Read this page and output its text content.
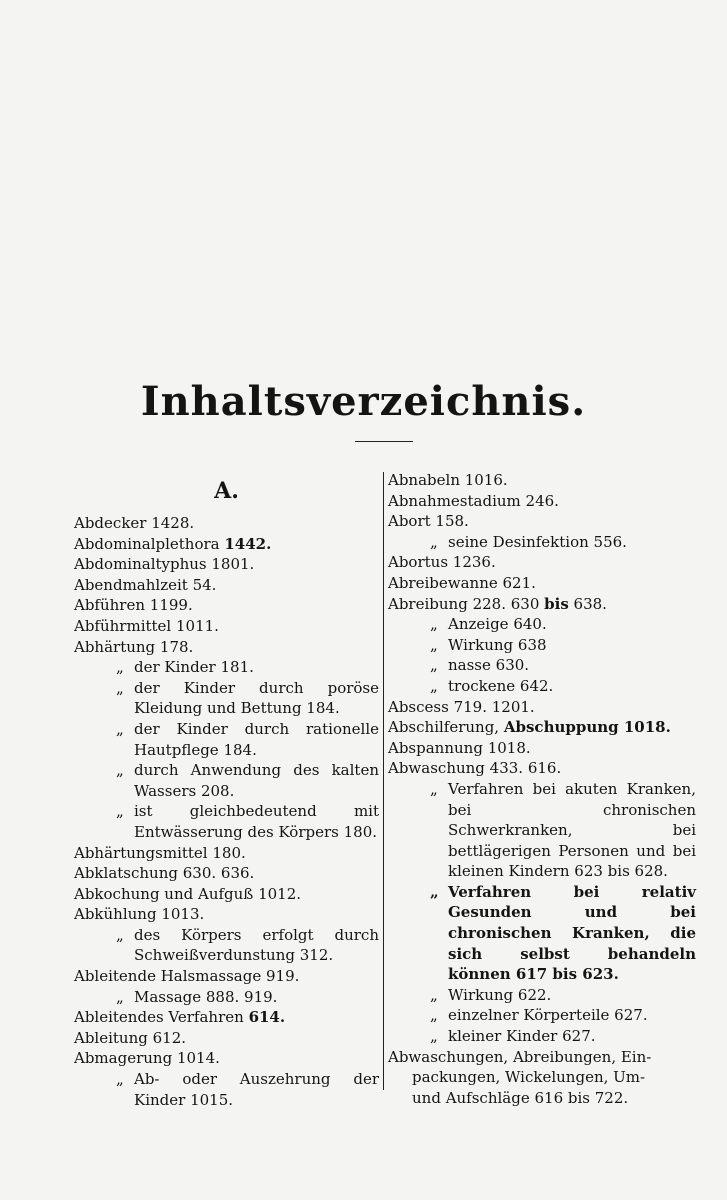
Inhaltsverzeichnis.
A.
Abdecker 1428.
Abdominalplethora 1442.
Abdominaltyphus 1801.
Abendmahlzeit 54.
Abführen 1199.
Abführmittel 1011.
Abhärtung 178.
„ der Kinder 181.
„ der Kinder durch poröse Kleidung und Bettung 184.
„ der Kinder durch rationelle Hautpflege 184.
„ durch Anwendung des kalten Wassers 208.
„ ist gleichbedeutend mit Entwässerung des Körpers 180.
Abhärtungsmittel 180.
Abklatschung 630. 636.
Abkochung und Aufguß 1012.
Abkühlung 1013.
„ des Körpers erfolgt durch Schweißverdunstung 312.
Ableitende Halsmassage 919.
„ Massage 888. 919.
Ableitendes Verfahren 614.
Ableitung 612.
Abmagerung 1014.
„ Ab- oder Auszehrung der Kinder 1015.
Abnabeln 1016.
Abnahmestadium 246.
Abort 158.
„ seine Desinfektion 556.
Abortus 1236.
Abreibewanne 621.
Abreibung 228. 630 bis 638.
„ Anzeige 640.
„ Wirkung 638
„ nasse 630.
„ trockene 642.
Abscess 719. 1201.
Abschilferung, Abschuppung 1018.
Abspannung 1018.
Abwaschung 433. 616.
„ Verfahren bei akuten Kranken, bei chronischen Schwerkranken, bei bettlägerigen Personen und bei kleinen Kindern 623 bis 628.
„ Verfahren bei relativ Gesunden und bei chronischen Kranken, die sich selbst behandeln können 617 bis 623.
„ Wirkung 622.
„ einzelner Körperteile 627.
„ kleiner Kinder 627.
Abwaschungen, Abreibungen, Ein-
packungen, Wickelungen, Um-
und Aufschläge 616 bis 722.
